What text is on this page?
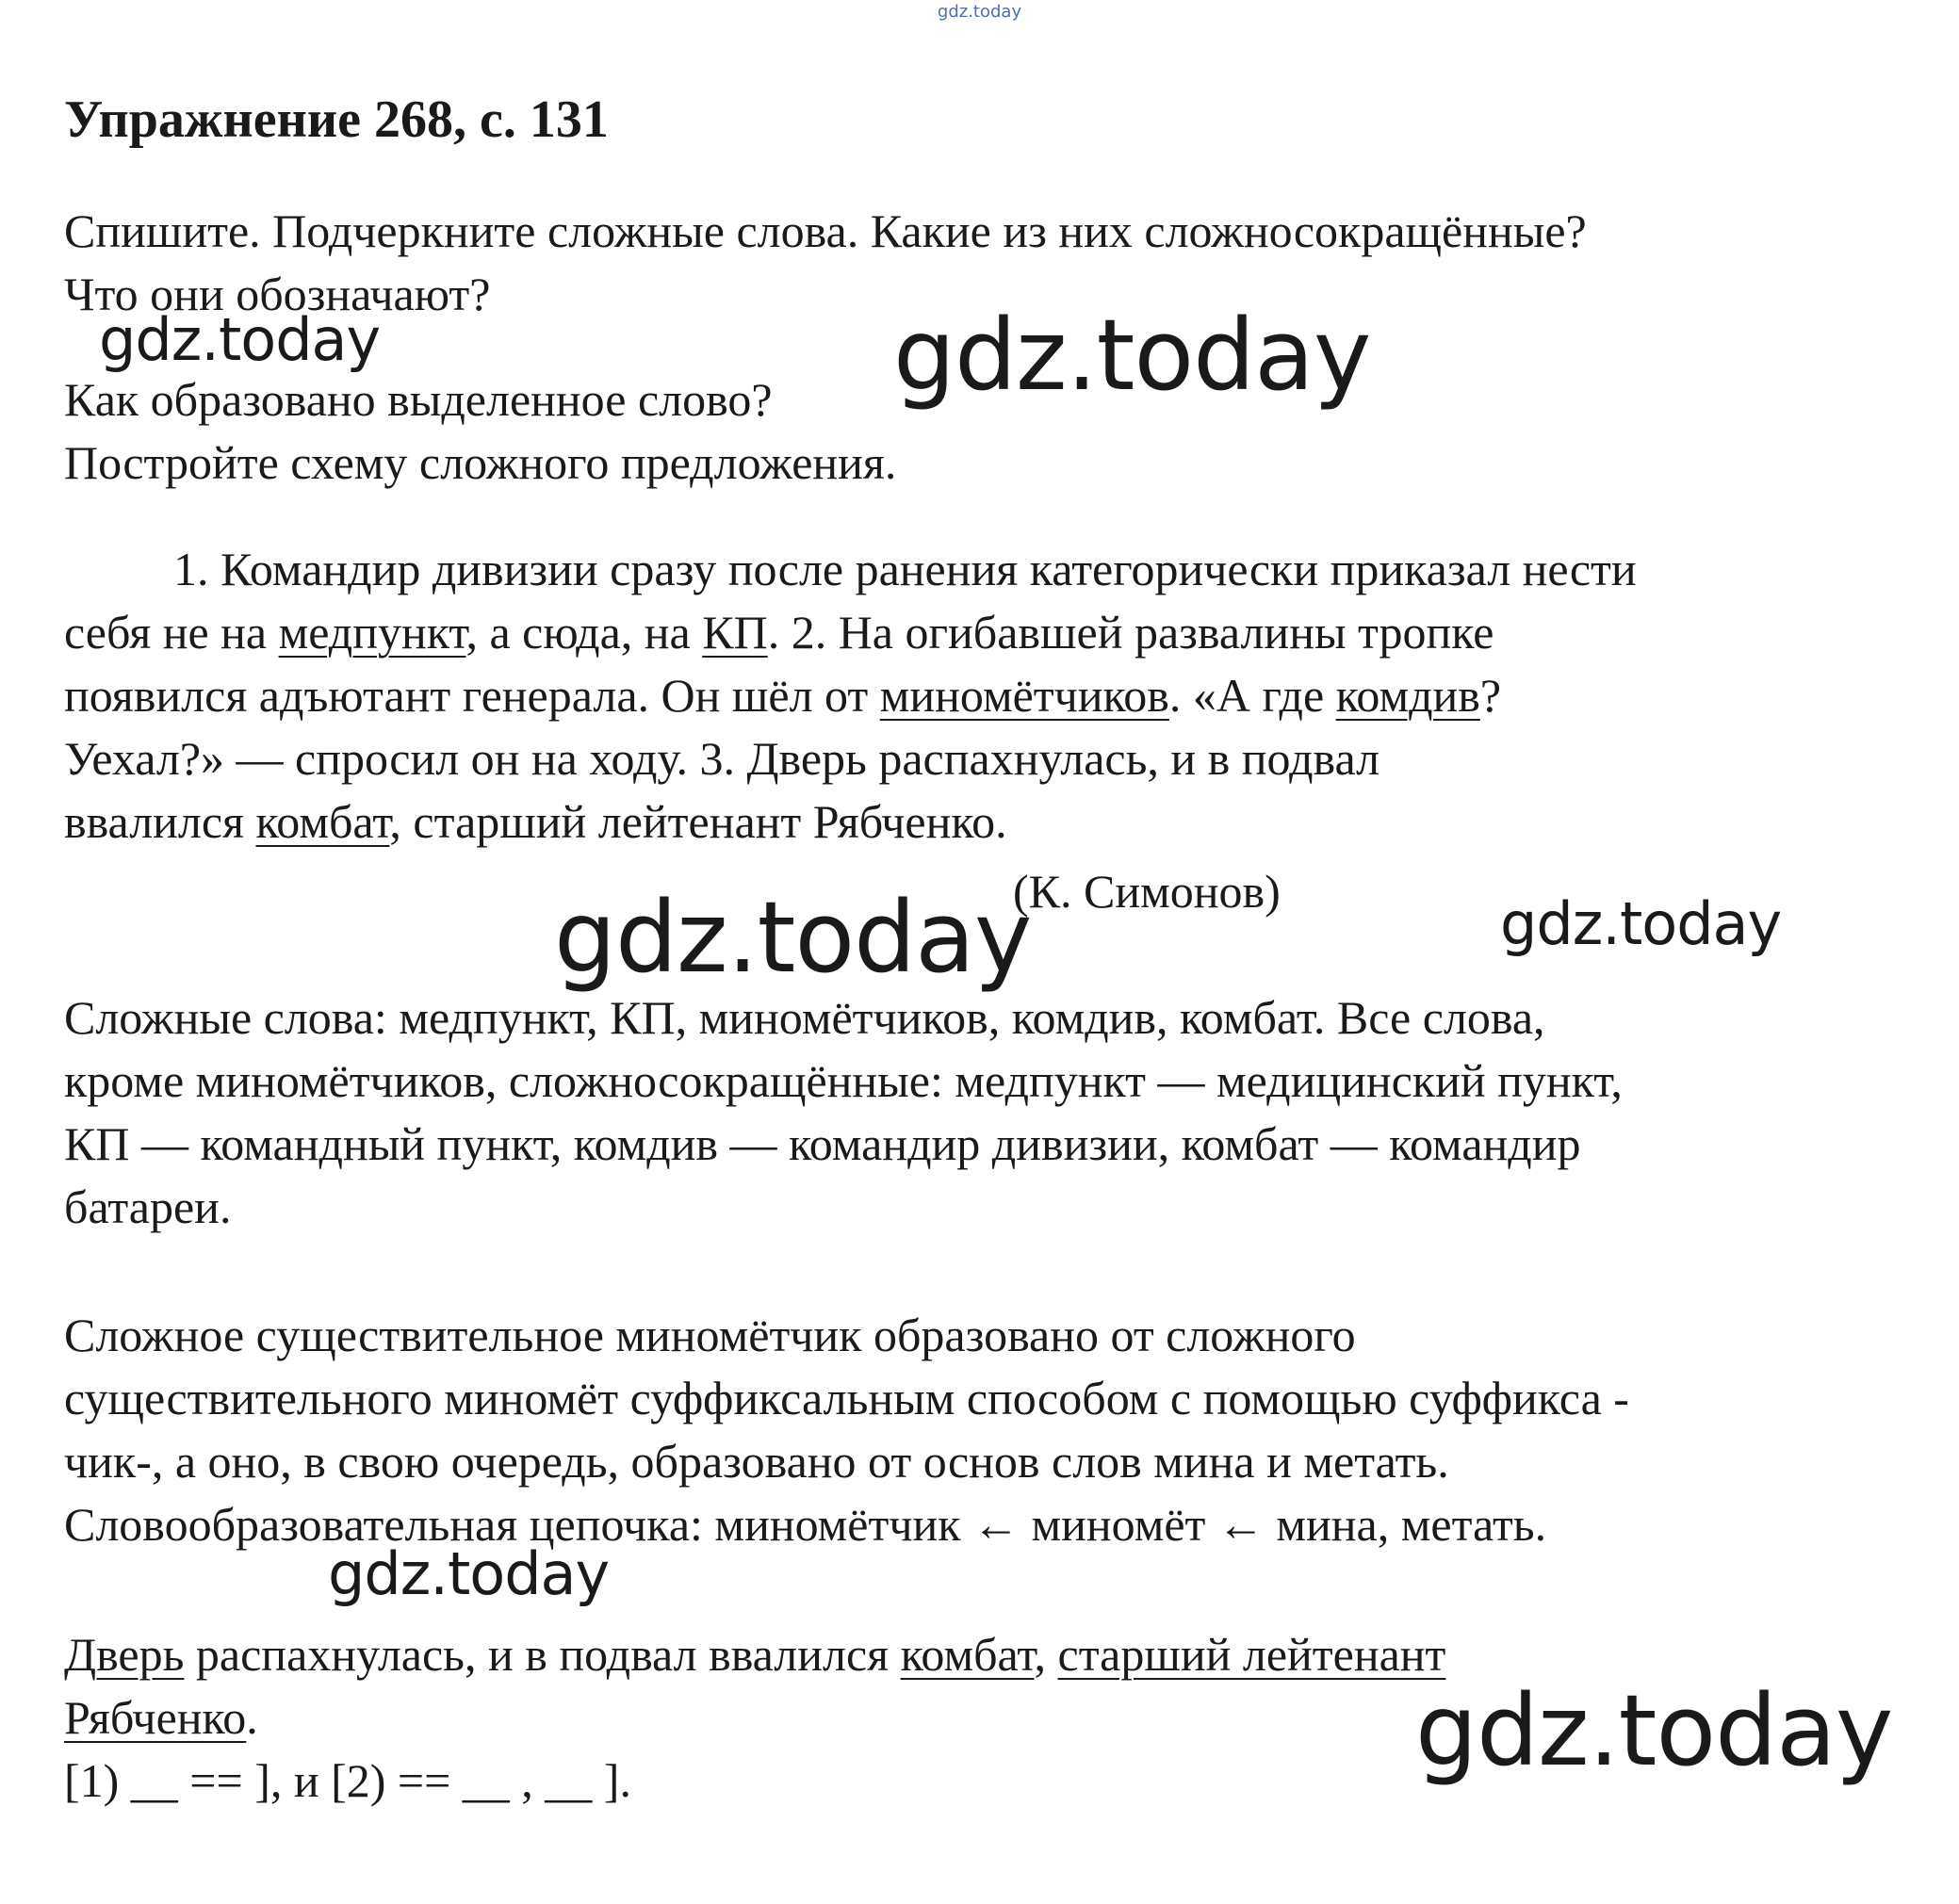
gdz.today
Упражнение 268, с. 131
Спишите. Подчеркните сложные слова. Какие из них сложносокращённые?
Что они обозначают?
Как образовано выделенное слово?
Постройте схему сложного предложения.
1. Командир дивизии сразу после ранения категорически приказал нести
себя не на медпункт, а сюда, на КП. 2. На огибавшей развалины тропке
появился адъютант генерала. Он шёл от миномётчиков. «А где комдив?
Уехал?» — спросил он на ходу. 3. Дверь распахнулась, и в подвал
ввалился комбат, старший лейтенант Рябченко.
(К. Симонов)
Сложные слова: медпункт, КП, миномётчиков, комдив, комбат. Все слова,
кроме миномётчиков, сложносокращённые: медпункт — медицинский пункт,
КП — командный пункт, комдив — командир дивизии, комбат — командир
батареи.
Сложное существительное миномётчик образовано от сложного
существительного миномёт суффиксальным способом с помощью суффикса -
чик-, а оно, в свою очередь, образовано от основ слов мина и метать.
Словообразовательная цепочка: миномётчик ← миномёт ← мина, метать.
Дверь распахнулась, и в подвал ввалился комбат, старший лейтенант
Рябченко.
[1) __ == ], и [2) == __ , __ ].
gdz.today	gdz.today
gdz.today	gdz.today
gdz.today
gdz.today
